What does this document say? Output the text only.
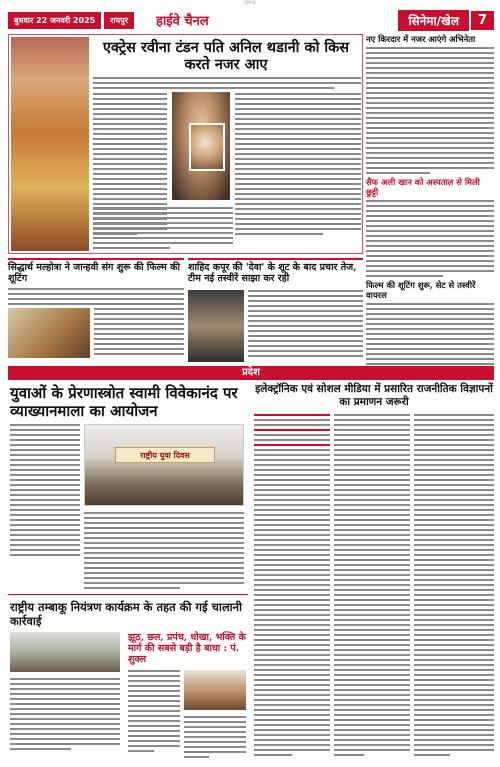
CMYK
बुधवार 22 जनवरी 2025	रायपुर	हाईवे चैनल	सिनेमा/खेल	7
एक्ट्रेस रवीना टंडन पति अनिल थडानी को किस करते नजर आए
नए किरदार में नजर आएंगे अभिनेता
सैफ अली खान को अस्पताल से मिली छुट्टी
फिल्म की शूटिंग शुरू, सेट से तस्वीरें वायरल
सिद्धार्थ मल्होत्रा ने जान्हवी संग शुरू की फिल्म की शूटिंग
शाहिद कपूर की 'देवा' के शूट के बाद प्रचार तेज, टीम नई तस्वीरें साझा कर रही
प्रदेश
युवाओं के प्रेरणास्त्रोत स्वामी विवेकानंद पर व्याख्यानमाला का आयोजन
राष्ट्रीय युवा दिवस
इलेक्ट्रॉनिक एवं सोशल मीडिया में प्रसारित राजनीतिक विज्ञापनों का प्रमाणन जरूरी
राष्ट्रीय तम्बाकू नियंत्रण कार्यक्रम के तहत की गई चालानी कार्रवाई
झूठ, छल, प्रपंच, धोखा, भक्ति के मार्ग की सबसे बड़ी है बाधा : पं. शुक्ल
